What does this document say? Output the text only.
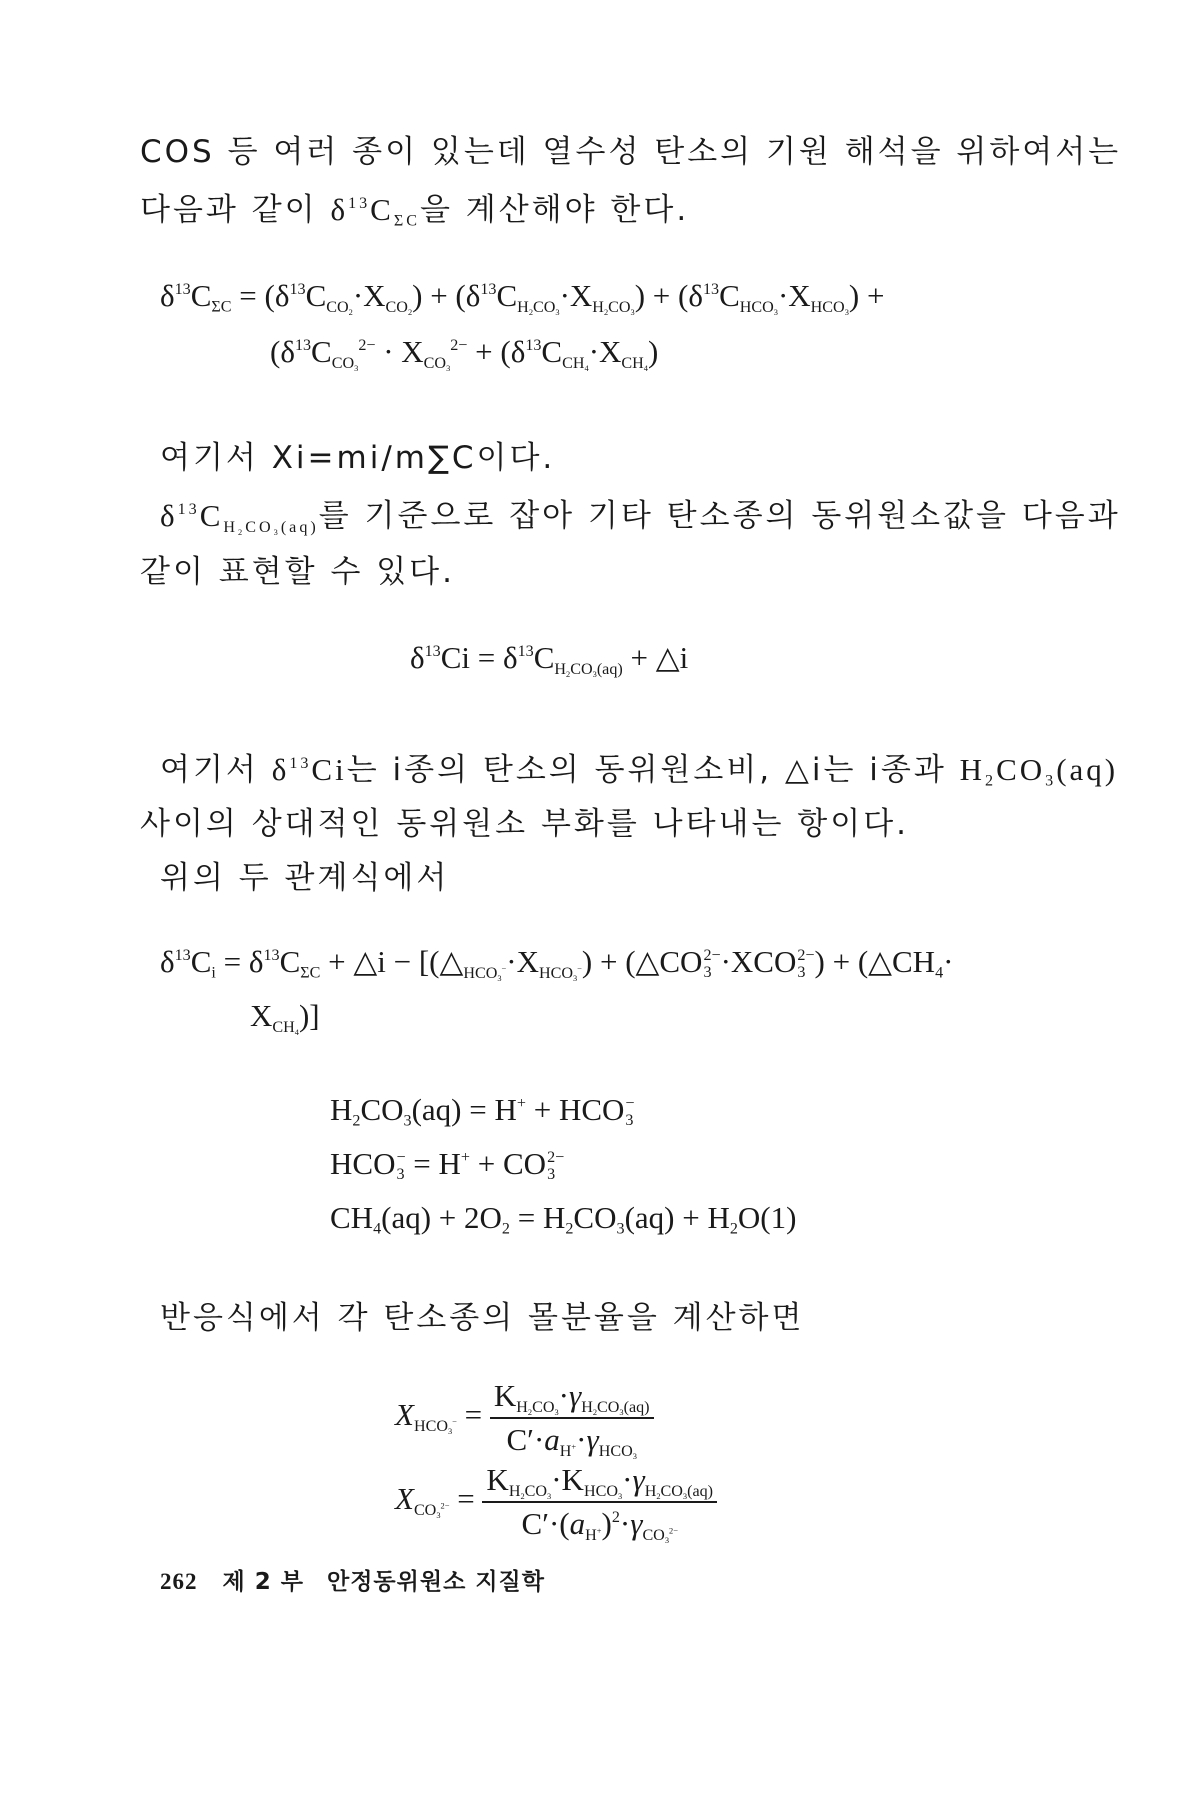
COS 등 여러 종이 있는데 열수성 탄소의 기원 해석을 위하여서는
다음과 같이 $\delta^{13}C_{\Sigma C}$을 계산해야 한다.
$\delta^{13}C_{\Sigma C} = (\delta^{13}C_{CO_2}\cdot X_{CO_2}) + (\delta^{13}C_{H_2CO_3}\cdot X_{H_2CO_3}) + (\delta^{13}C_{HCO_3}\cdot X_{HCO_3})$ +
($\delta^{13}C_{CO_3}^{2-} \cdot X_{CO_3}^{2-} + (\delta^{13}C_{CH_4}\cdot X_{CH_4})$
여기서 Xi=mi/m∑C이다.
$\delta^{13}C_{H_2CO_3(aq)}$를 기준으로 잡아 기타 탄소종의 동위원소값을 다음과
같이 표현할 수 있다.
$\delta^{13}Ci = \delta^{13}C_{H_2CO_3(aq)}$ + △i
여기서 $\delta^{13}Ci$는 i종의 탄소의 동위원소비, △i는 i종과 $H_2CO_3(aq)$
사이의 상대적인 동위원소 부화를 나타내는 항이다.
위의 두 관계식에서
$\delta^{13}C_i = \delta^{13}C_{\Sigma C}$ + △i − [$(\triangle_{HCO_3^-}\cdot X_{HCO_3^-})$ + (△CO 2−
3 ·XCO 2−
3 ) + ($\triangle CH_4\cdot$
$X_{CH_4}$)]
$H_2CO_3(aq) = H^+$ + HCO −
3
HCO −
3 = H+ + CO 2−
3
$CH_4(aq) + 2O_2 = H_2CO_3(aq) + H_2O(1)$
반응식에서 각 탄소종의 몰분율을 계산하면
$X_{HCO_3^-} = \frac{K_{H_2CO_3}\cdot\gamma_{H_2CO_3(aq)}}{C'\cdot a_{H^+}\cdot\gamma_{HCO_3}}$
$X_{CO_3^{2-}} = \frac{K_{H_2CO_3}\cdot K_{HCO_3}\cdot\gamma_{H_2CO_3(aq)}}{C'\cdot(a_{H^+})^2\cdot\gamma_{CO_3^{2-}}}$
262 제 2 부 안정동위원소 지질학
